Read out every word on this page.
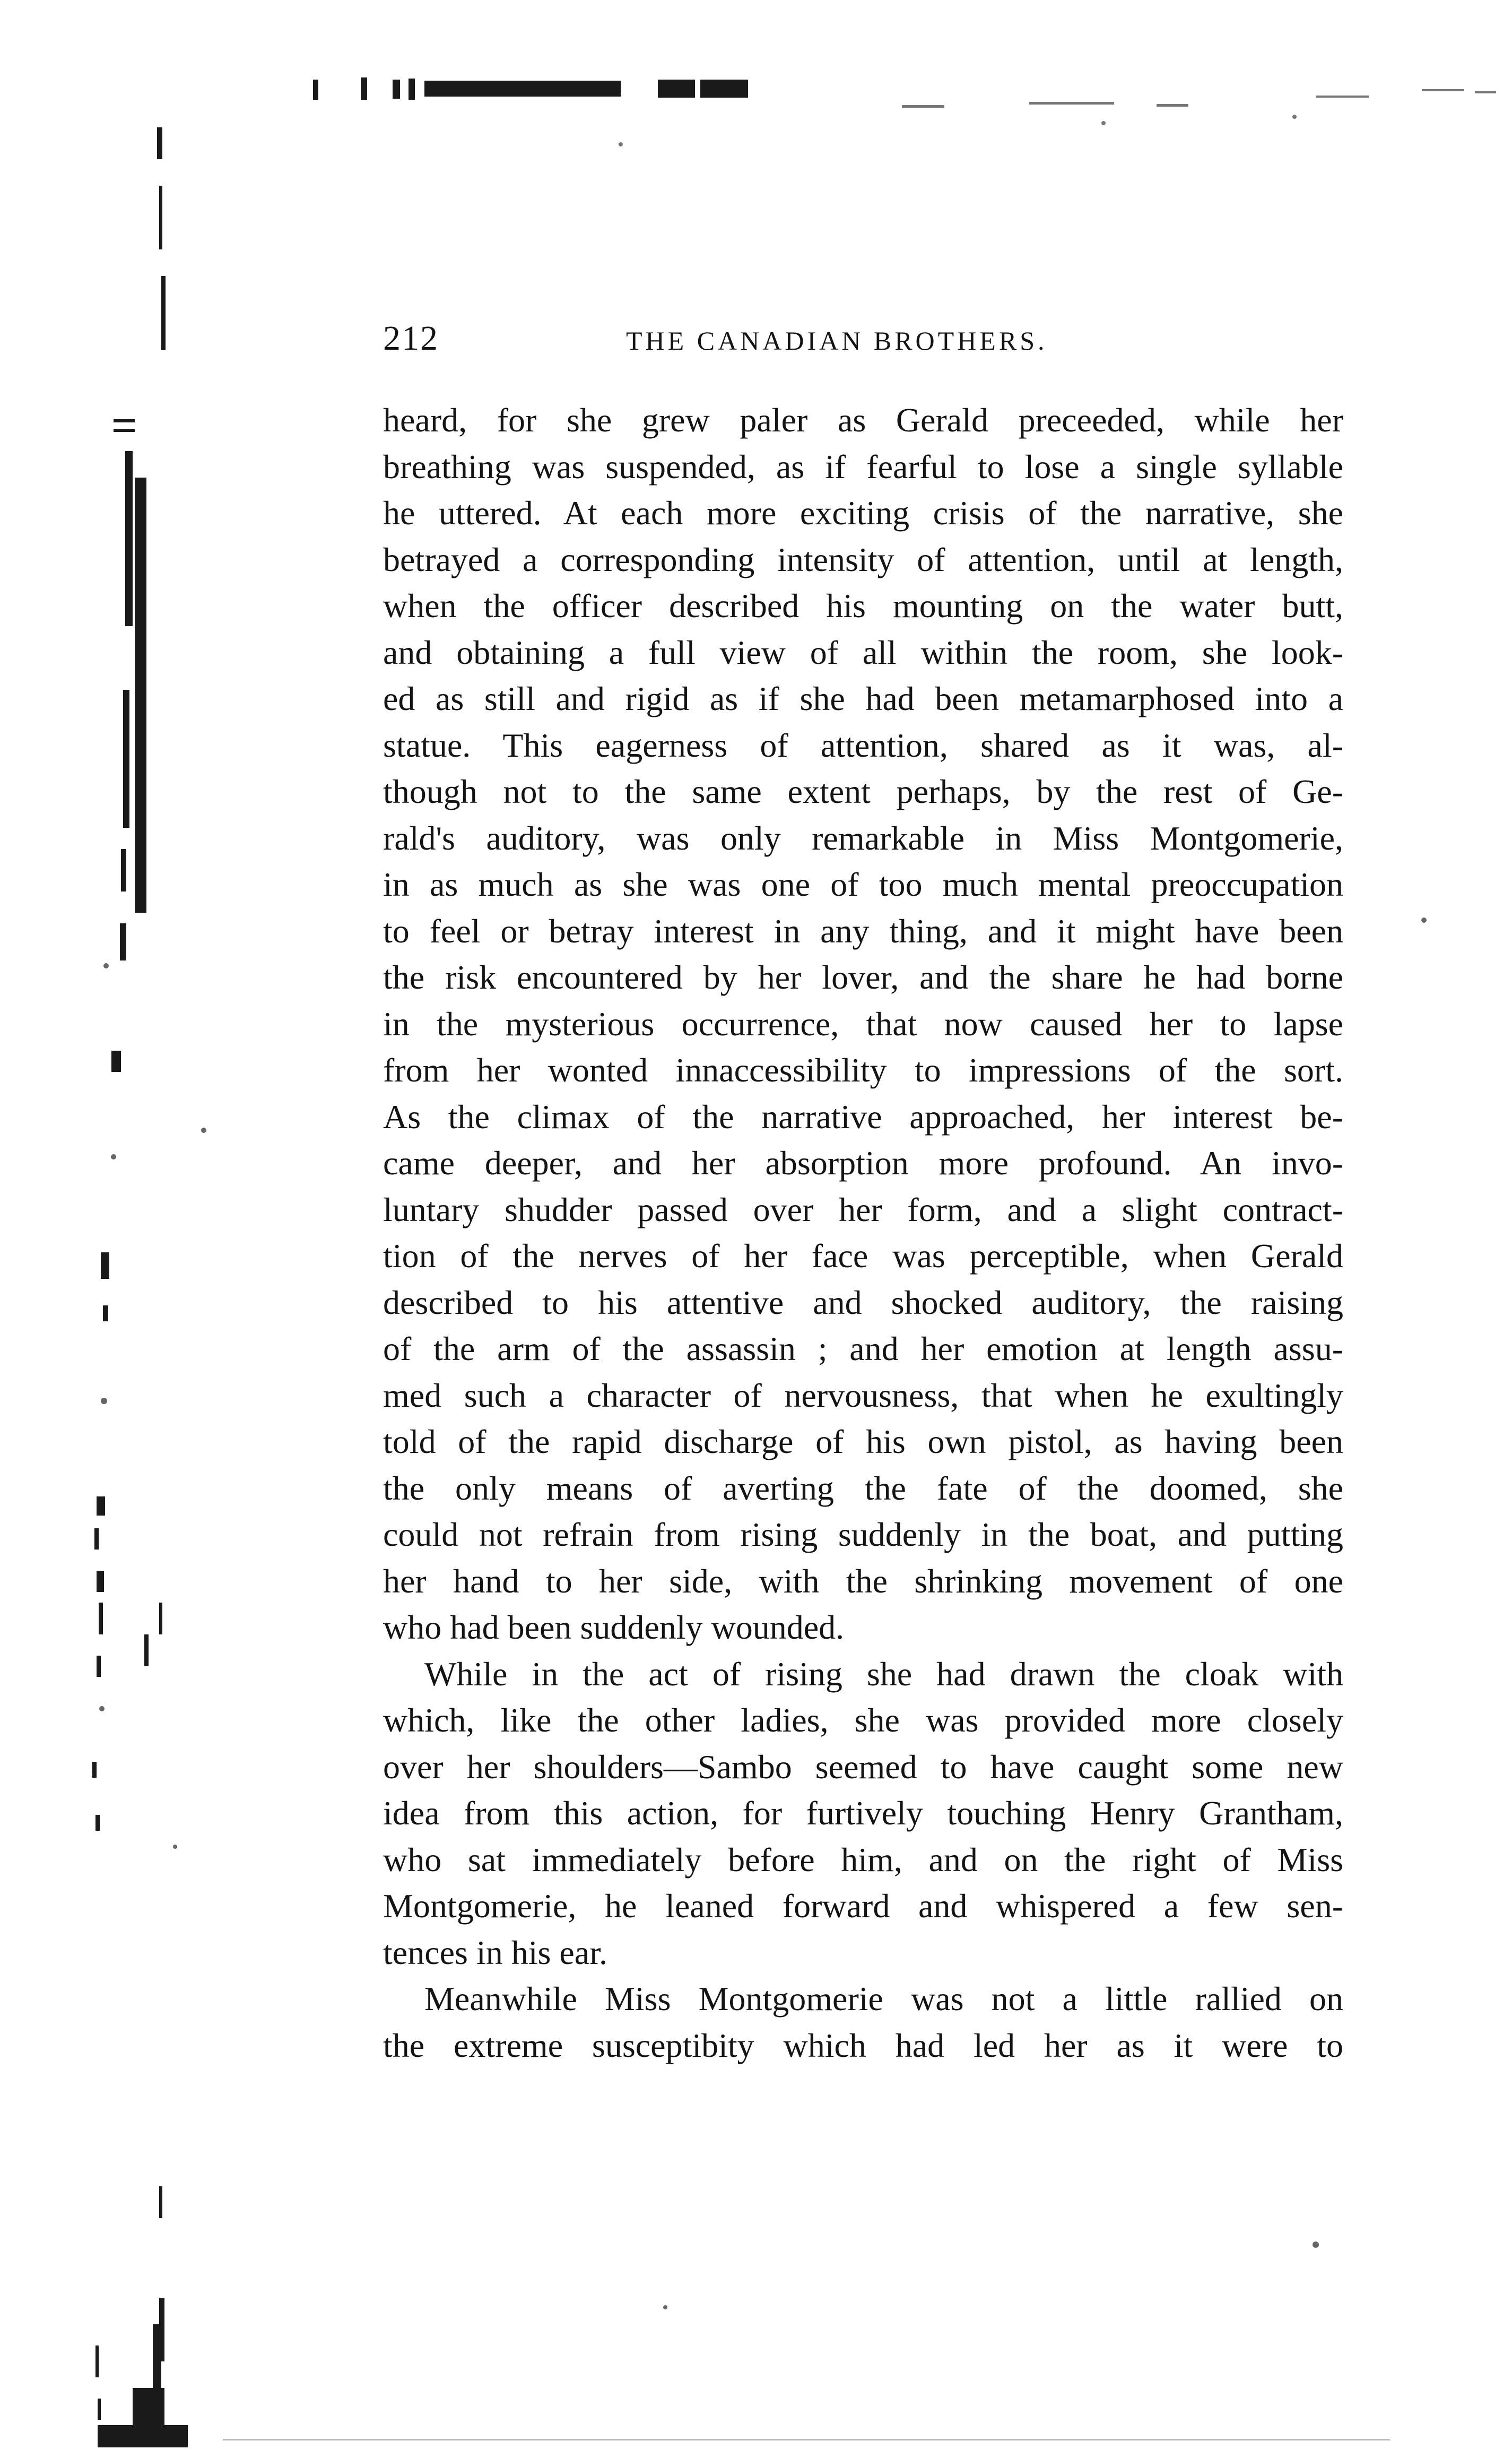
212	THE CANADIAN BROTHERS.
heard, for she grew paler as Gerald preceeded, while her
breathing was suspended, as if fearful to lose a single syllable
he uttered. At each more exciting crisis of the narrative, she
betrayed a corresponding intensity of attention, until at length,
when the officer described his mounting on the water butt,
and obtaining a full view of all within the room, she look-
ed as still and rigid as if she had been metamarphosed into a
statue. This eagerness of attention, shared as it was, al-
though not to the same extent perhaps, by the rest of Ge-
rald's auditory, was only remarkable in Miss Montgomerie,
in as much as she was one of too much mental preoccupation
to feel or betray interest in any thing, and it might have been
the risk encountered by her lover, and the share he had borne
in the mysterious occurrence, that now caused her to lapse
from her wonted innaccessibility to impressions of the sort.
As the climax of the narrative approached, her interest be-
came deeper, and her absorption more profound. An invo-
luntary shudder passed over her form, and a slight contract-
tion of the nerves of her face was perceptible, when Gerald
described to his attentive and shocked auditory, the raising
of the arm of the assassin ; and her emotion at length assu-
med such a character of nervousness, that when he exultingly
told of the rapid discharge of his own pistol, as having been
the only means of averting the fate of the doomed, she
could not refrain from rising suddenly in the boat, and putting
her hand to her side, with the shrinking movement of one
who had been suddenly wounded.
While in the act of rising she had drawn the cloak with
which, like the other ladies, she was provided more closely
over her shoulders—Sambo seemed to have caught some new
idea from this action, for furtively touching Henry Grantham,
who sat immediately before him, and on the right of Miss
Montgomerie, he leaned forward and whispered a few sen-
tences in his ear.
Meanwhile Miss Montgomerie was not a little rallied on
the extreme susceptibity which had led her as it were to
